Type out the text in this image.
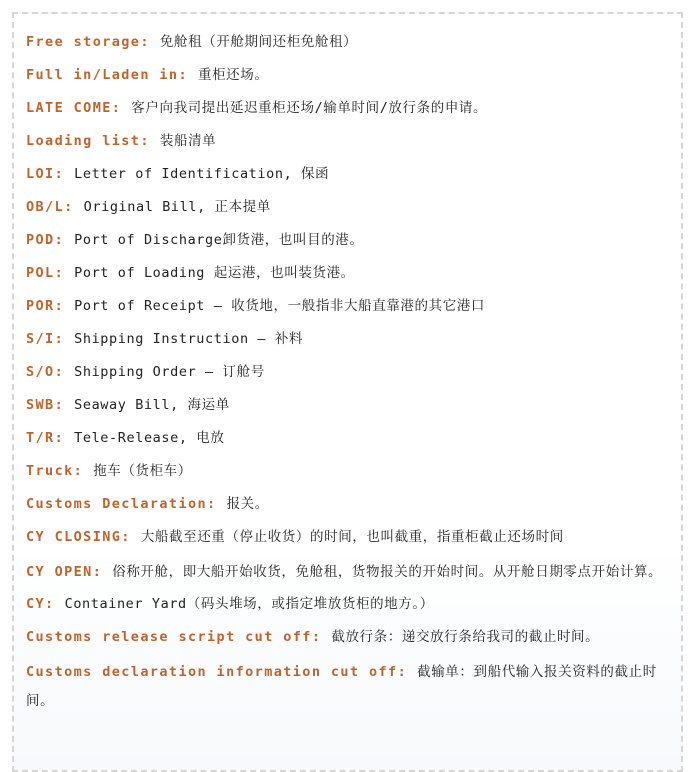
Free storage: 免舱租（开舱期间还柜免舱租）
Full in/Laden in: 重柜还场。
LATE COME: 客户向我司提出延迟重柜还场/输单时间/放行条的申请。
Loading list: 装船清单
LOI: Letter of Identification, 保函
OB/L: Original Bill, 正本提单
POD: Port of Discharge卸货港，也叫目的港。
POL: Port of Loading 起运港，也叫装货港。
POR: Port of Receipt – 收货地，一般指非大船直靠港的其它港口
S/I: Shipping Instruction – 补料
S/O: Shipping Order – 订舱号
SWB: Seaway Bill, 海运单
T/R: Tele-Release, 电放
Truck: 拖车（货柜车）
Customs Declaration: 报关。
CY CLOSING: 大船截至还重（停止收货）的时间，也叫截重，指重柜截止还场时间
CY OPEN: 俗称开舱，即大船开始收货，免舱租，货物报关的开始时间。从开舱日期零点开始计算。
CY: Container Yard（码头堆场，或指定堆放货柜的地方。）
Customs release script cut off: 截放行条：递交放行条给我司的截止时间。
Customs declaration information cut off: 截输单：到船代输入报关资料的截止时间。
